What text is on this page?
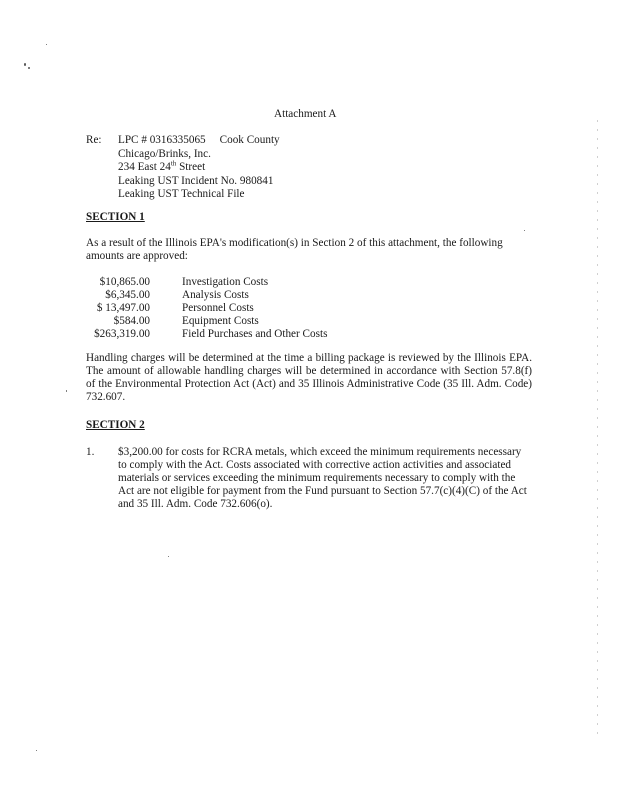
Attachment A
Re: LPC # 0316335065 Cook County
Chicago/Brinks, Inc.
234 East 24th Street
Leaking UST Incident No. 980841
Leaking UST Technical File
SECTION 1
As a result of the Illinois EPA's modification(s) in Section 2 of this attachment, the following amounts are approved:
$10,865.00	Investigation Costs
$6,345.00	Analysis Costs
$ 13,497.00	Personnel Costs
$584.00	Equipment Costs
$263,319.00	Field Purchases and Other Costs
Handling charges will be determined at the time a billing package is reviewed by the Illinois EPA. The amount of allowable handling charges will be determined in accordance with Section 57.8(f) of the Environmental Protection Act (Act) and 35 Illinois Administrative Code (35 Ill. Adm. Code) 732.607.
SECTION 2
1. $3,200.00 for costs for RCRA metals, which exceed the minimum requirements necessary to comply with the Act. Costs associated with corrective action activities and associated materials or services exceeding the minimum requirements necessary to comply with the Act are not eligible for payment from the Fund pursuant to Section 57.7(c)(4)(C) of the Act and 35 Ill. Adm. Code 732.606(o).
